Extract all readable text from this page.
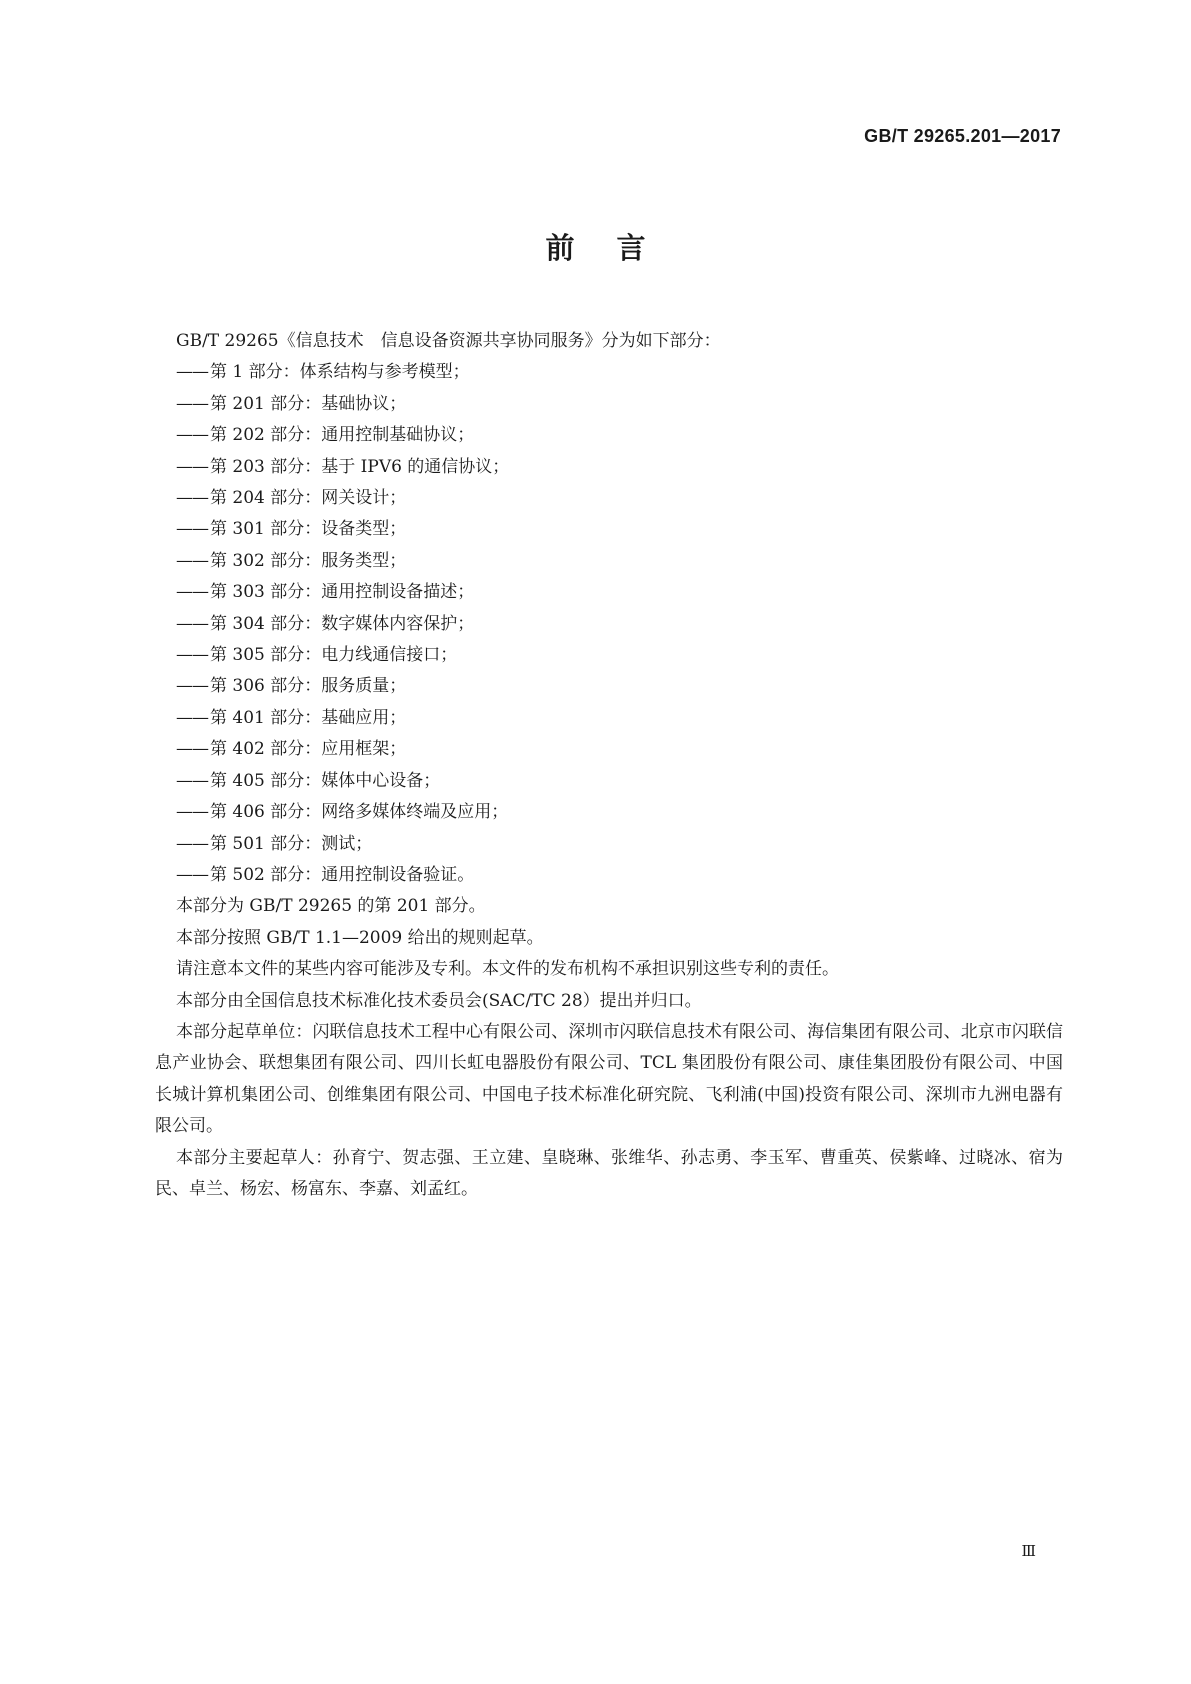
GB/T 29265.201—2017
前言

GB/T 29265《信息技术　信息设备资源共享协同服务》分为如下部分：

—— 第 1 部分：体系结构与参考模型；
—— 第 201 部分：基础协议；
—— 第 202 部分：通用控制基础协议；
—— 第 203 部分：基于 IPV6 的通信协议；
—— 第 204 部分：网关设计；
—— 第 301 部分：设备类型；
—— 第 302 部分：服务类型；
—— 第 303 部分：通用控制设备描述；
—— 第 304 部分：数字媒体内容保护；
—— 第 305 部分：电力线通信接口；
—— 第 306 部分：服务质量；
—— 第 401 部分：基础应用；
—— 第 402 部分：应用框架；
—— 第 405 部分：媒体中心设备；
—— 第 406 部分：网络多媒体终端及应用；
—— 第 501 部分：测试；
—— 第 502 部分：通用控制设备验证。

本部分为 GB/T 29265 的第 201 部分。

本部分按照 GB/T 1.1—2009 给出的规则起草。

请注意本文件的某些内容可能涉及专利。本文件的发布机构不承担识别这些专利的责任。

本部分由全国信息技术标准化技术委员会(SAC/TC 28）提出并归口。

本部分起草单位：闪联信息技术工程中心有限公司、深圳市闪联信息技术有限公司、海信集团有限公司、北京市闪联信息产业协会、联想集团有限公司、四川长虹电器股份有限公司、TCL 集团股份有限公司、康佳集团股份有限公司、中国长城计算机集团公司、创维集团有限公司、中国电子技术标准化研究院、飞利浦(中国)投资有限公司、深圳市九洲电器有限公司。

本部分主要起草人：孙育宁、贺志强、王立建、皇晓琳、张维华、孙志勇、李玉军、曹重英、侯紫峰、过晓冰、宿为民、卓兰、杨宏、杨富东、李嘉、刘孟红。

Ⅲ
